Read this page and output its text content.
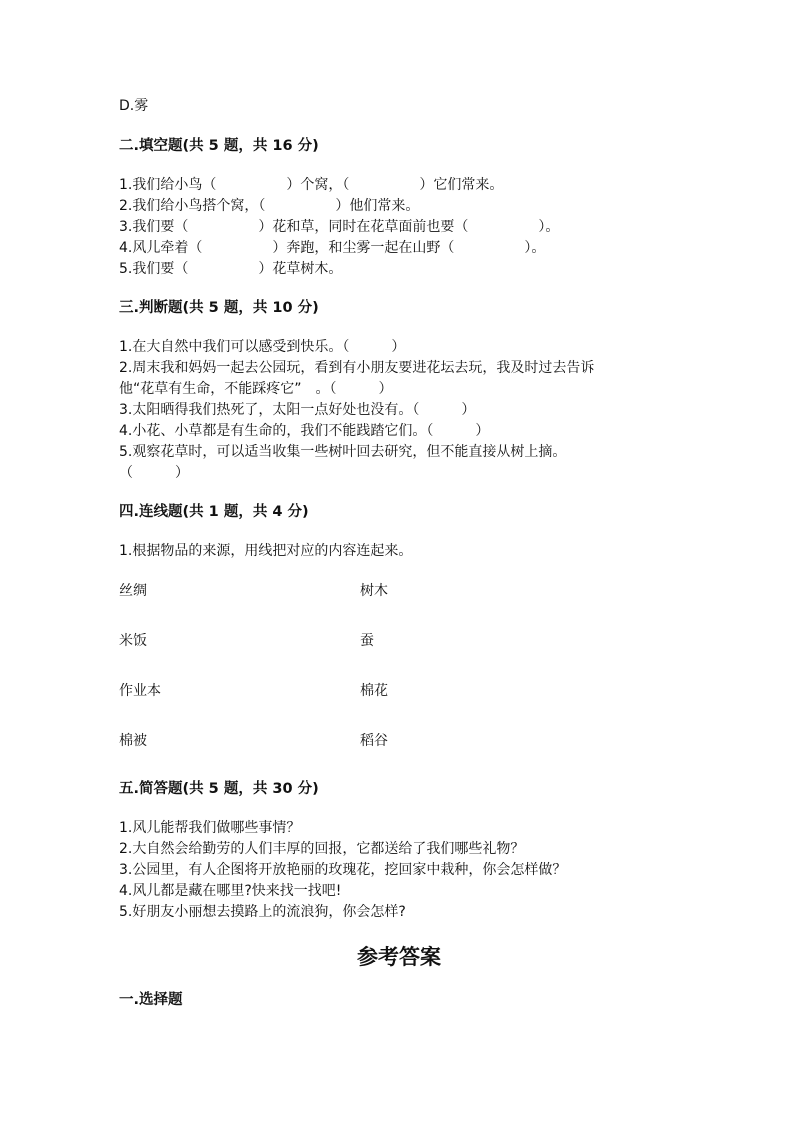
D.雾
二.填空题(共 5 题，共 16 分)
1.我们给小鸟（　　　　　）个窝，（　　　　　）它们常来。
2.我们给小鸟搭个窝，（　　　　　）他们常来。
3.我们要（　　　　　）花和草，同时在花草面前也要（　　　　　）。
4.风儿牵着（　　　　　）奔跑，和尘雾一起在山野（　　　　　）。
5.我们要（　　　　　）花草树木。
三.判断题(共 5 题，共 10 分)
1.在大自然中我们可以感受到快乐。（　　　）
2.周末我和妈妈一起去公园玩，看到有小朋友要进花坛去玩，我及时过去告诉
他“花草有生命，不能踩疼它”　。（　　　）
3.太阳晒得我们热死了，太阳一点好处也没有。（　　　）
4.小花、小草都是有生命的，我们不能践踏它们。（　　　）
5.观察花草时，可以适当收集一些树叶回去研究，但不能直接从树上摘。
（　　　）
四.连线题(共 1 题，共 4 分)
1.根据物品的来源，用线把对应的内容连起来。
丝绸	树木
米饭	蚕
作业本	棉花
棉被	稻谷
五.简答题(共 5 题，共 30 分)
1.风儿能帮我们做哪些事情？
2.大自然会给勤劳的人们丰厚的回报，它都送给了我们哪些礼物？
3.公园里，有人企图将开放艳丽的玫瑰花，挖回家中栽种，你会怎样做？
4.风儿都是藏在哪里?快来找一找吧!
5.好朋友小丽想去摸路上的流浪狗，你会怎样?
参考答案
一.选择题
